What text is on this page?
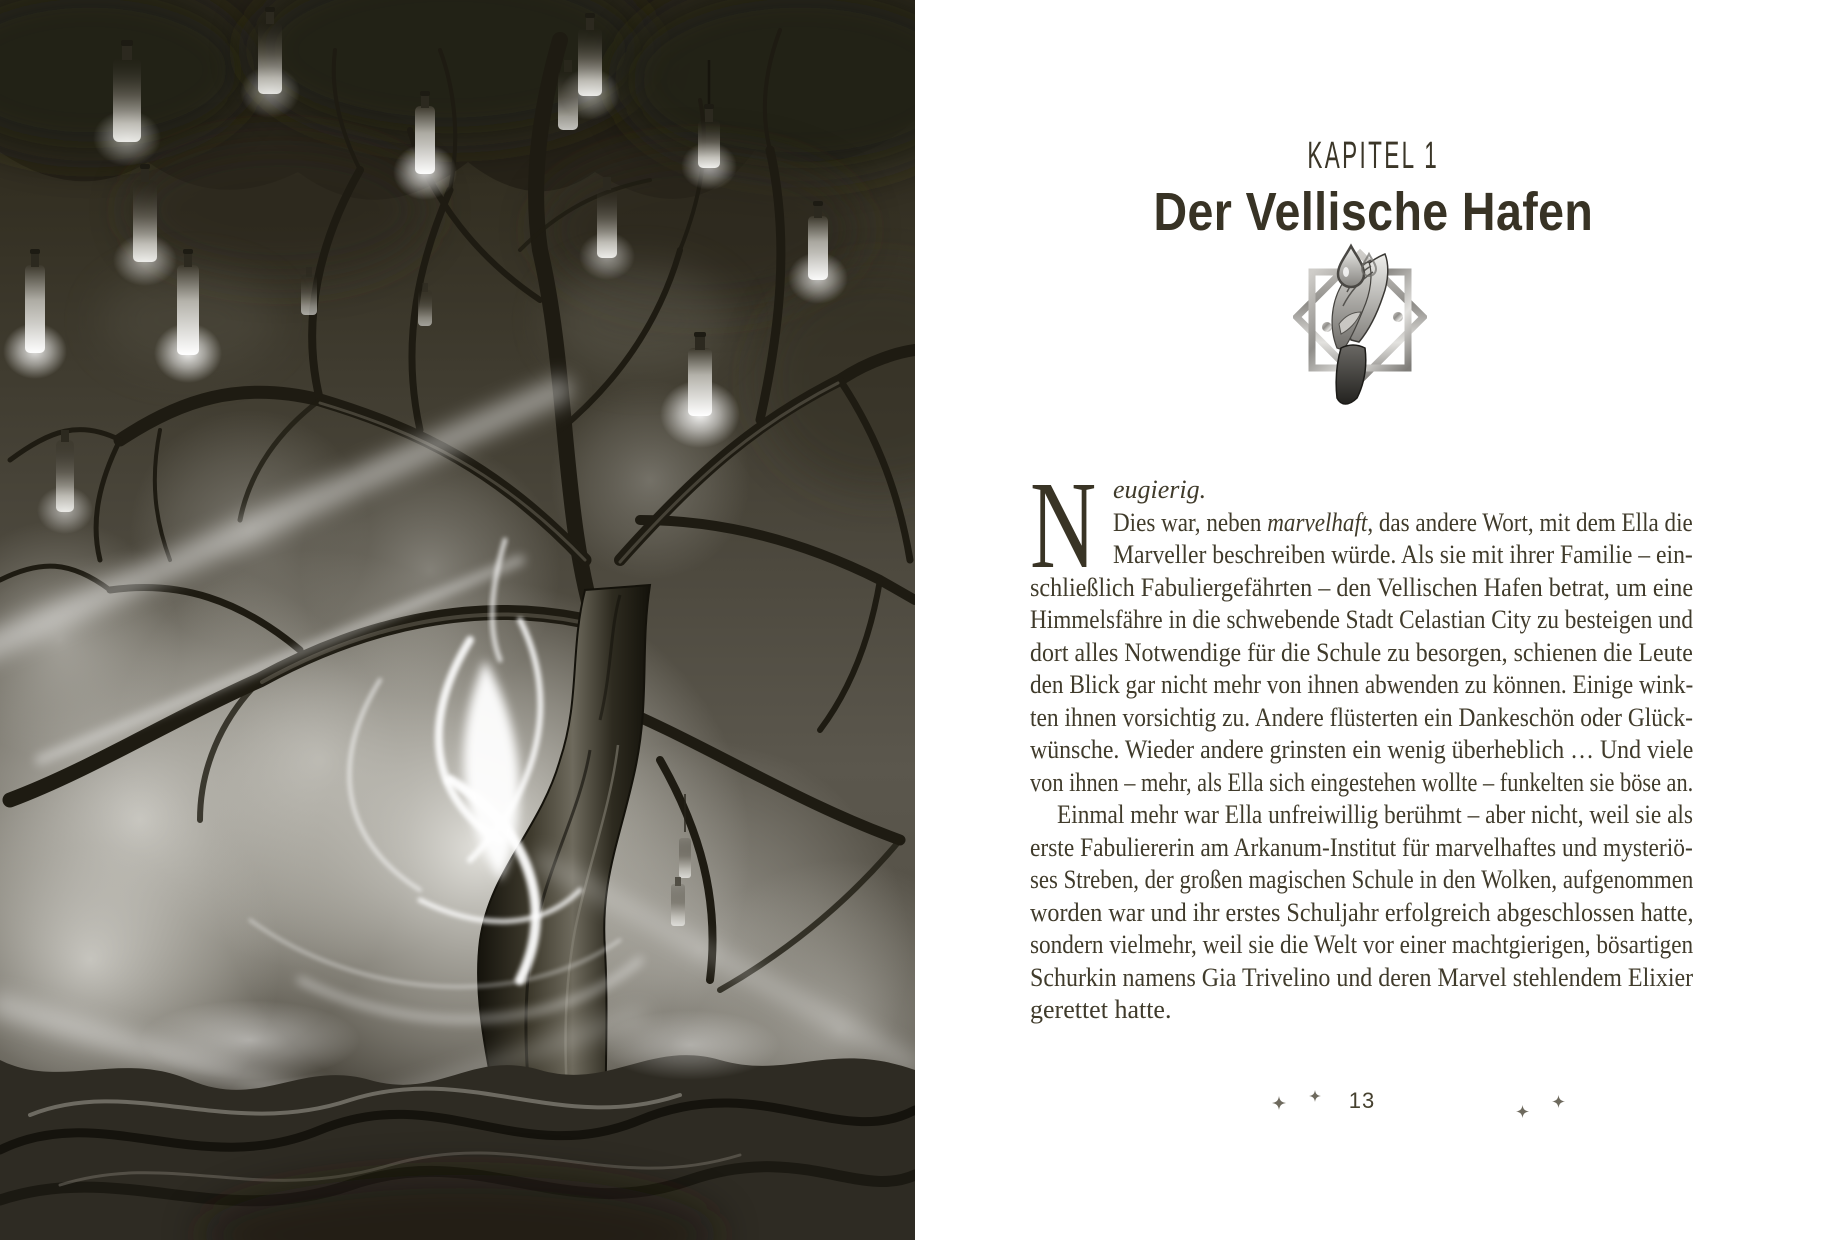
KAPITEL 1
Der Vellische Hafen
N eugierig.
Dies war, neben marvelhaft, das andere Wort, mit dem Ella die
Marveller beschreiben würde. Als sie mit ihrer Familie – ein-
schließlich Fabuliergefährten – den Vellischen Hafen betrat, um eine
Himmelsfähre in die schwebende Stadt Celastian City zu besteigen und
dort alles Notwendige für die Schule zu besorgen, schienen die Leute
den Blick gar nicht mehr von ihnen abwenden zu können. Einige wink-
ten ihnen vorsichtig zu. Andere flüsterten ein Dankeschön oder Glück-
wünsche. Wieder andere grinsten ein wenig überheblich … Und viele
von ihnen – mehr, als Ella sich eingestehen wollte – funkelten sie böse an.
Einmal mehr war Ella unfreiwillig berühmt – aber nicht, weil sie als
erste Fabuliererin am Arkanum-Institut für marvelhaftes und mysteriö-
ses Streben, der großen magischen Schule in den Wolken, aufgenommen
worden war und ihr erstes Schuljahr erfolgreich abgeschlossen hatte,
sondern vielmehr, weil sie die Welt vor einer machtgierigen, bösartigen
Schurkin namens Gia Trivelino und deren Marvel stehlendem Elixier
gerettet hatte.
13
